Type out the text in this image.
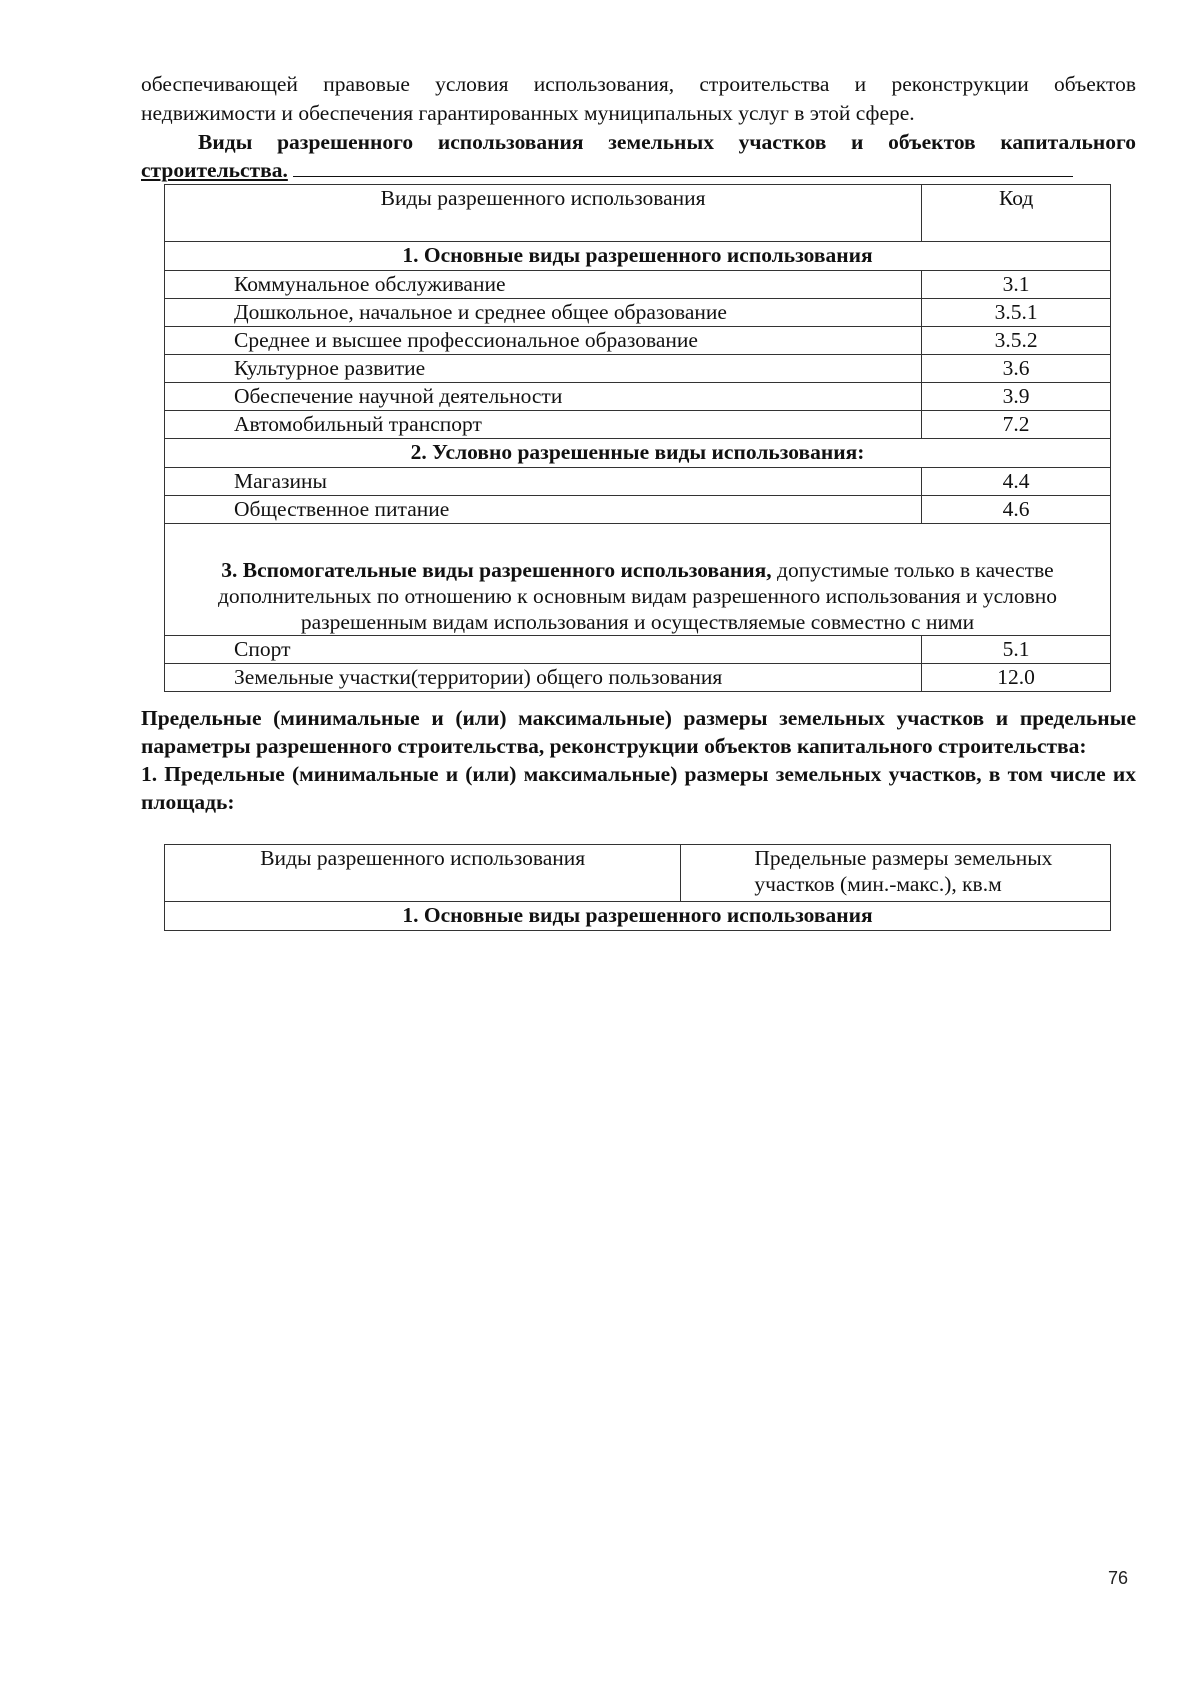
обеспечивающей правовые условия использования, строительства и реконструкции объектов
недвижимости и обеспечения гарантированных муниципальных услуг в этой сфере.
Виды разрешенного использования земельных участков и объектов капитального строительства.
Виды разрешенного использования	Код
1. Основные виды разрешенного использования	
Коммунальное обслуживание	3.1
Дошкольное, начальное и среднее общее образование	3.5.1
Среднее и высшее профессиональное образование	3.5.2
Культурное развитие	3.6
Обеспечение научной деятельности	3.9
Автомобильный транспорт	7.2
2. Условно разрешенные виды использования:	
Магазины	4.4
Общественное питание	4.6

3. Вспомогательные виды разрешенного использования, допустимые только в качестве дополнительных по отношению к основным видам разрешенного использования и условно разрешенным видам использования и осуществляемые совместно с ними	

Спорт	5.1
Земельные участки(территории) общего пользования	12.0
Предельные (минимальные и (или) максимальные) размеры земельных участков и предельные параметры разрешенного строительства, реконструкции объектов капитального строительства:
1. Предельные (минимальные и (или) максимальные) размеры земельных участков, в том числе их площадь:
Виды разрешенного использования	Предельные размеры земельных участков (мин.-макс.), кв.м
1. Основные виды разрешенного использования
76
